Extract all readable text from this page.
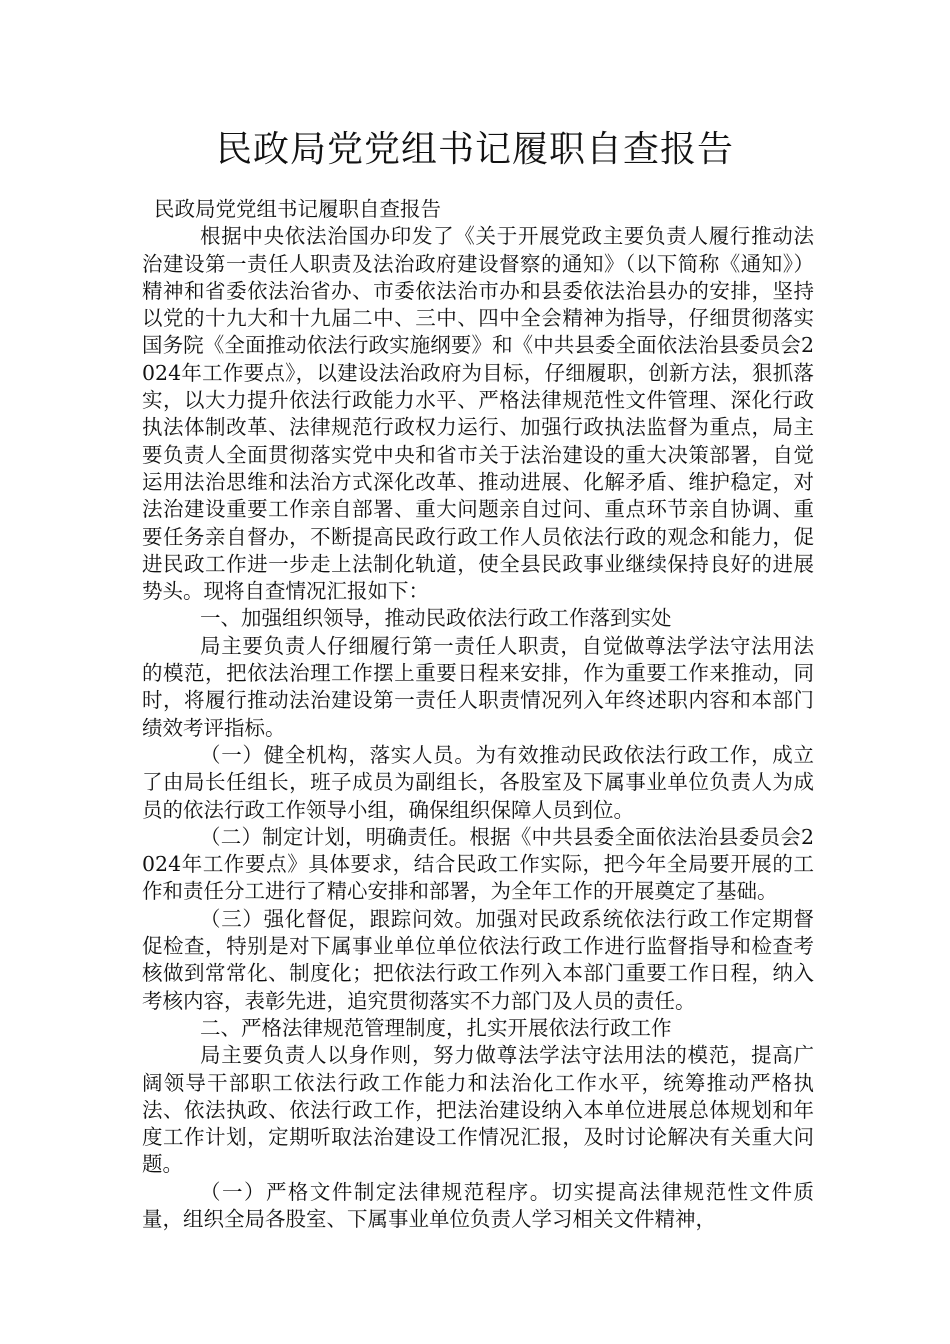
民政局党党组书记履职自查报告

民政局党党组书记履职自查报告

根据中央依法治国办印发了《关于开展党政主要负责人履行推动法治建设第一责任人职责及法治政府建设督察的通知》（以下简称《通知》）精神和省委依法治省办、市委依法治市办和县委依法治县办的安排，坚持以党的十九大和十九届二中、三中、四中全会精神为指导，仔细贯彻落实国务院《全面推动依法行政实施纲要》和《中共县委全面依法治县委员会2024年工作要点》，以建设法治政府为目标，仔细履职，创新方法，狠抓落实，以大力提升依法行政能力水平、严格法律规范性文件管理、深化行政执法体制改革、法律规范行政权力运行、加强行政执法监督为重点，局主要负责人全面贯彻落实党中央和省市关于法治建设的重大决策部署，自觉运用法治思维和法治方式深化改革、推动进展、化解矛盾、维护稳定，对法治建设重要工作亲自部署、重大问题亲自过问、重点环节亲自协调、重要任务亲自督办，不断提高民政行政工作人员依法行政的观念和能力，促进民政工作进一步走上法制化轨道，使全县民政事业继续保持良好的进展势头。现将自查情况汇报如下：

一、加强组织领导，推动民政依法行政工作落到实处

局主要负责人仔细履行第一责任人职责，自觉做尊法学法守法用法的模范，把依法治理工作摆上重要日程来安排，作为重要工作来推动，同时，将履行推动法治建设第一责任人职责情况列入年终述职内容和本部门绩效考评指标。

（一）健全机构，落实人员。为有效推动民政依法行政工作，成立了由局长任组长，班子成员为副组长，各股室及下属事业单位负责人为成员的依法行政工作领导小组，确保组织保障人员到位。

（二）制定计划，明确责任。根据《中共县委全面依法治县委员会2024年工作要点》具体要求，结合民政工作实际，把今年全局要开展的工作和责任分工进行了精心安排和部署，为全年工作的开展奠定了基础。

（三）强化督促，跟踪问效。加强对民政系统依法行政工作定期督促检查，特别是对下属事业单位单位依法行政工作进行监督指导和检查考核做到常常化、制度化；把依法行政工作列入本部门重要工作日程，纳入考核内容，表彰先进，追究贯彻落实不力部门及人员的责任。

二、严格法律规范管理制度，扎实开展依法行政工作

局主要负责人以身作则，努力做尊法学法守法用法的模范，提高广阔领导干部职工依法行政工作能力和法治化工作水平，统筹推动严格执法、依法执政、依法行政工作，把法治建设纳入本单位进展总体规划和年度工作计划，定期听取法治建设工作情况汇报，及时讨论解决有关重大问题。

（一）严格文件制定法律规范程序。切实提高法律规范性文件质量，组织全局各股室、下属事业单位负责人学习相关文件精神，
